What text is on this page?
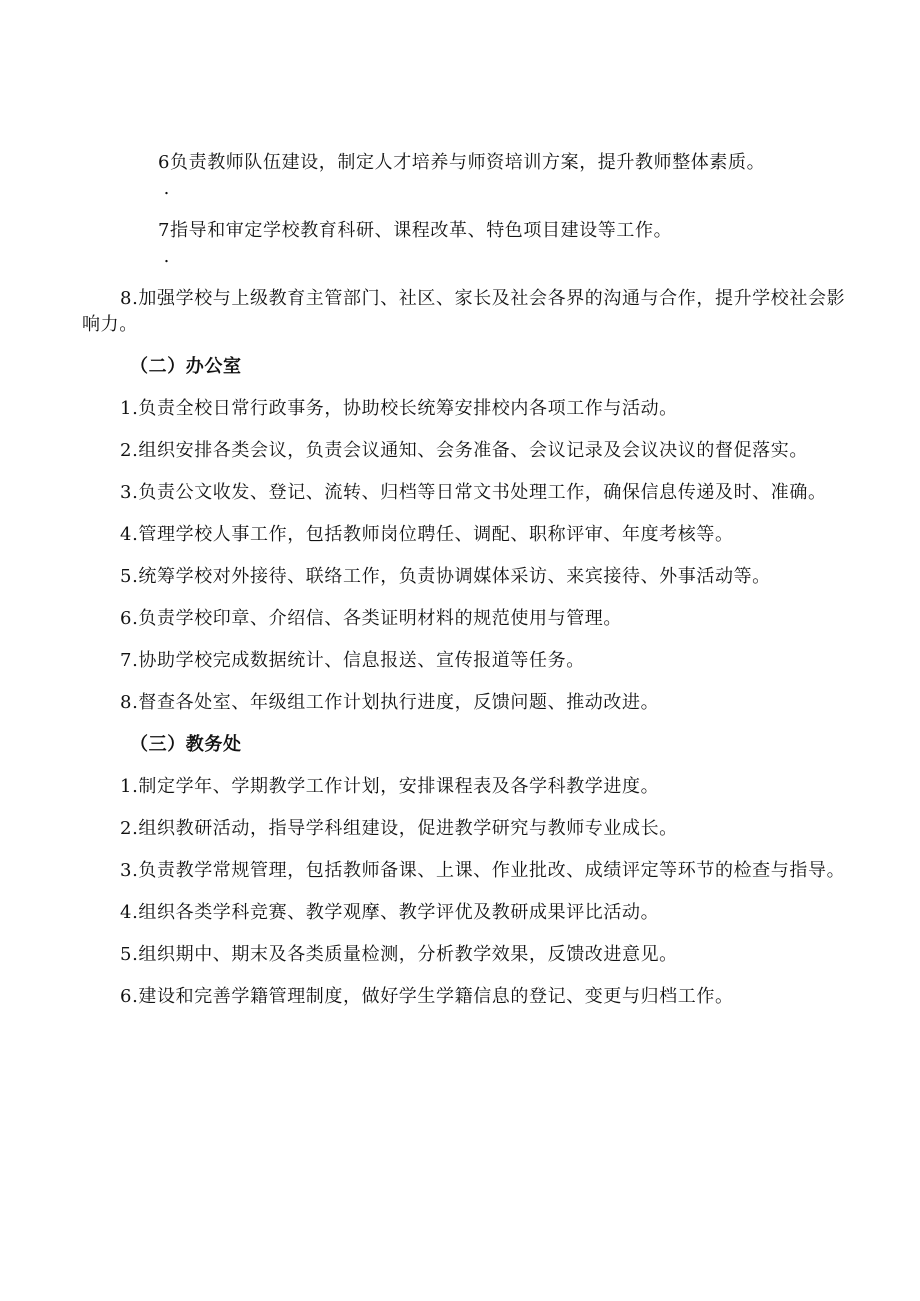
6
.
负责教师队伍建设，制定人才培养与师资培训方案，提升教师整体素质。

7
.
指导和审定学校教育科研、课程改革、特色项目建设等工作。

8.加强学校与上级教育主管部门、社区、家长及社会各界的沟通与合作，提升学校社会影响力。

（二）办公室

1.负责全校日常行政事务，协助校长统筹安排校内各项工作与活动。

2.组织安排各类会议，负责会议通知、会务准备、会议记录及会议决议的督促落实。

3.负责公文收发、登记、流转、归档等日常文书处理工作，确保信息传递及时、准确。

4.管理学校人事工作，包括教师岗位聘任、调配、职称评审、年度考核等。

5.统筹学校对外接待、联络工作，负责协调媒体采访、来宾接待、外事活动等。

6.负责学校印章、介绍信、各类证明材料的规范使用与管理。

7.协助学校完成数据统计、信息报送、宣传报道等任务。

8.督查各处室、年级组工作计划执行进度，反馈问题、推动改进。

（三）教务处

1.制定学年、学期教学工作计划，安排课程表及各学科教学进度。

2.组织教研活动，指导学科组建设，促进教学研究与教师专业成长。

3.负责教学常规管理，包括教师备课、上课、作业批改、成绩评定等环节的检查与指导。

4.组织各类学科竞赛、教学观摩、教学评优及教研成果评比活动。

5.组织期中、期末及各类质量检测，分析教学效果，反馈改进意见。

6.建设和完善学籍管理制度，做好学生学籍信息的登记、变更与归档工作。
